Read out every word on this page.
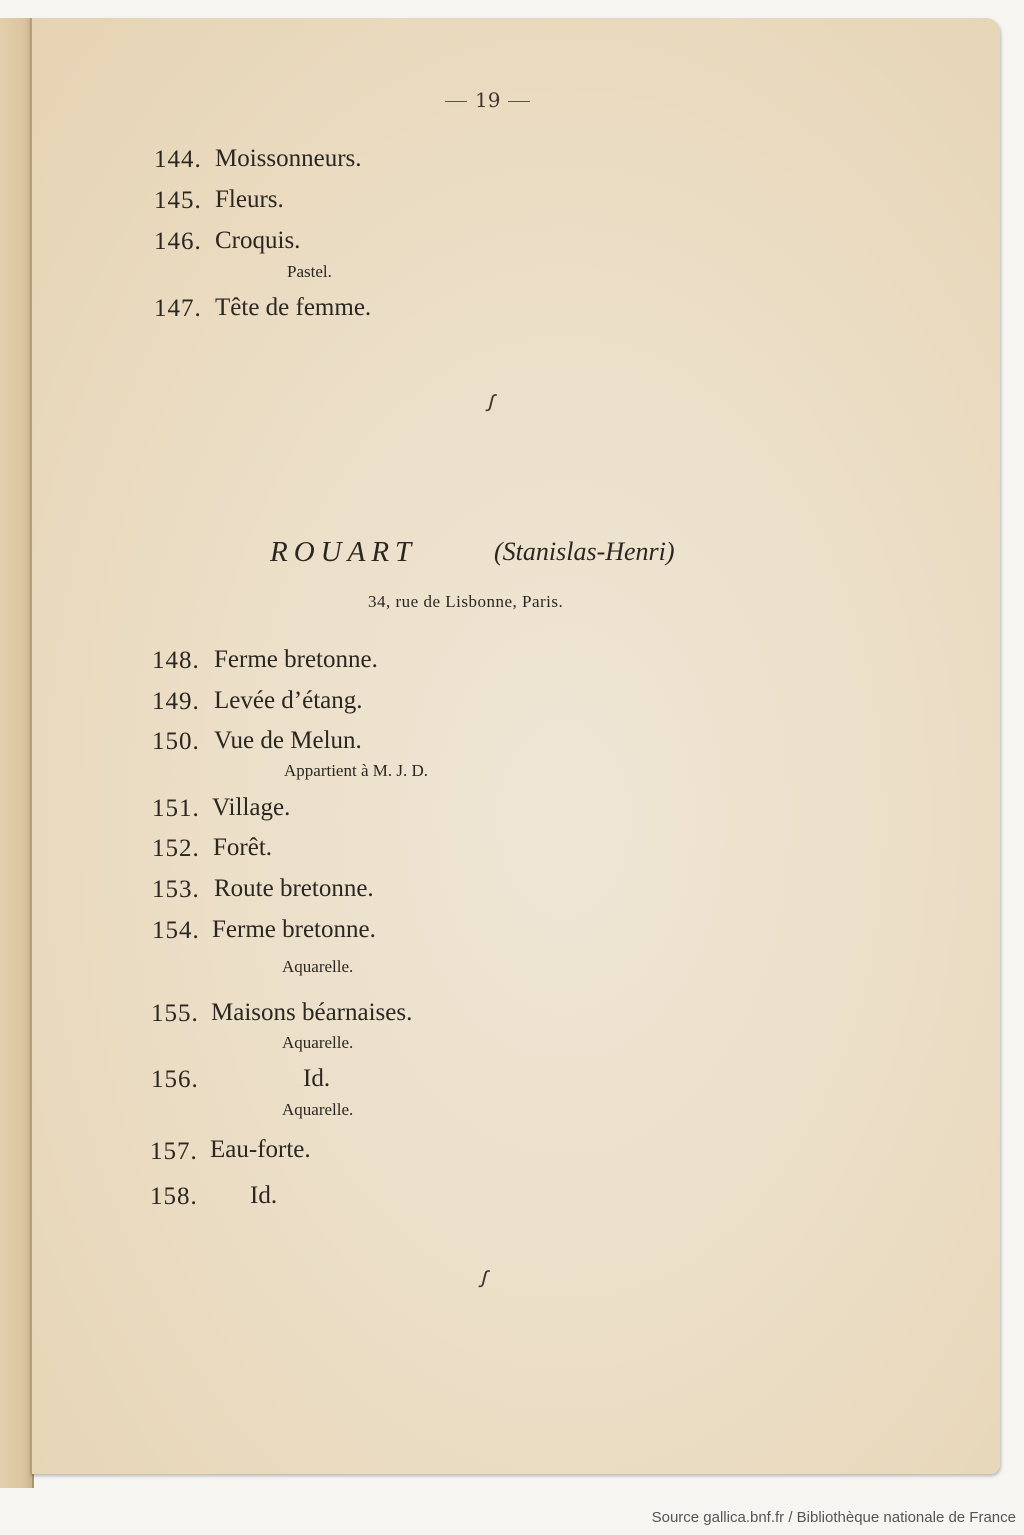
19
144. Moissonneurs.
145. Fleurs.
146. Croquis.
Pastel.
147. Tête de femme.
ꭍ
ROUART	(Stanislas-Henri)
34, rue de Lisbonne, Paris.
148. Ferme bretonne.
149. Levée d’étang.
150. Vue de Melun.
Appartient à M. J. D.
151. Village.
152. Forêt.
153. Route bretonne.
154. Ferme bretonne.
Aquarelle.
155. Maisons béarnaises.
Aquarelle.
156.	Id.
Aquarelle.
157. Eau-forte.
158. Id.
ꭍ
Source gallica.bnf.fr / Bibliothèque nationale de France
